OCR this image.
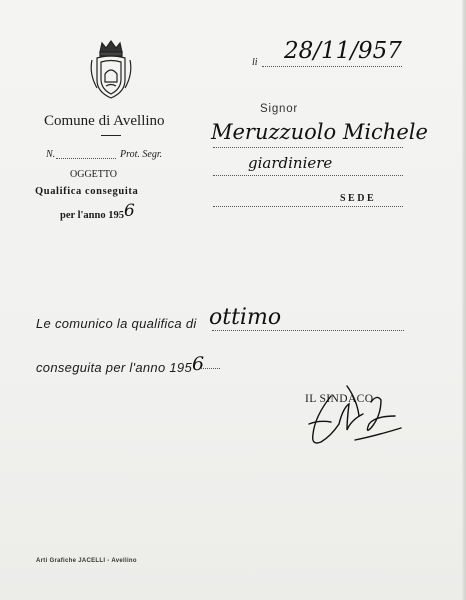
Comune di Avellino
N.	Prot. Segr.
OGGETTO
Qualifica conseguita
per l'anno 1956
li 28/11/957
Signor
Meruzzuolo Michele
giardiniere
SEDE
Le comunico la qualifica di ottimo
conseguita per l'anno 1956
IL SINDACO
Arti Grafiche JACELLI - Avellino
